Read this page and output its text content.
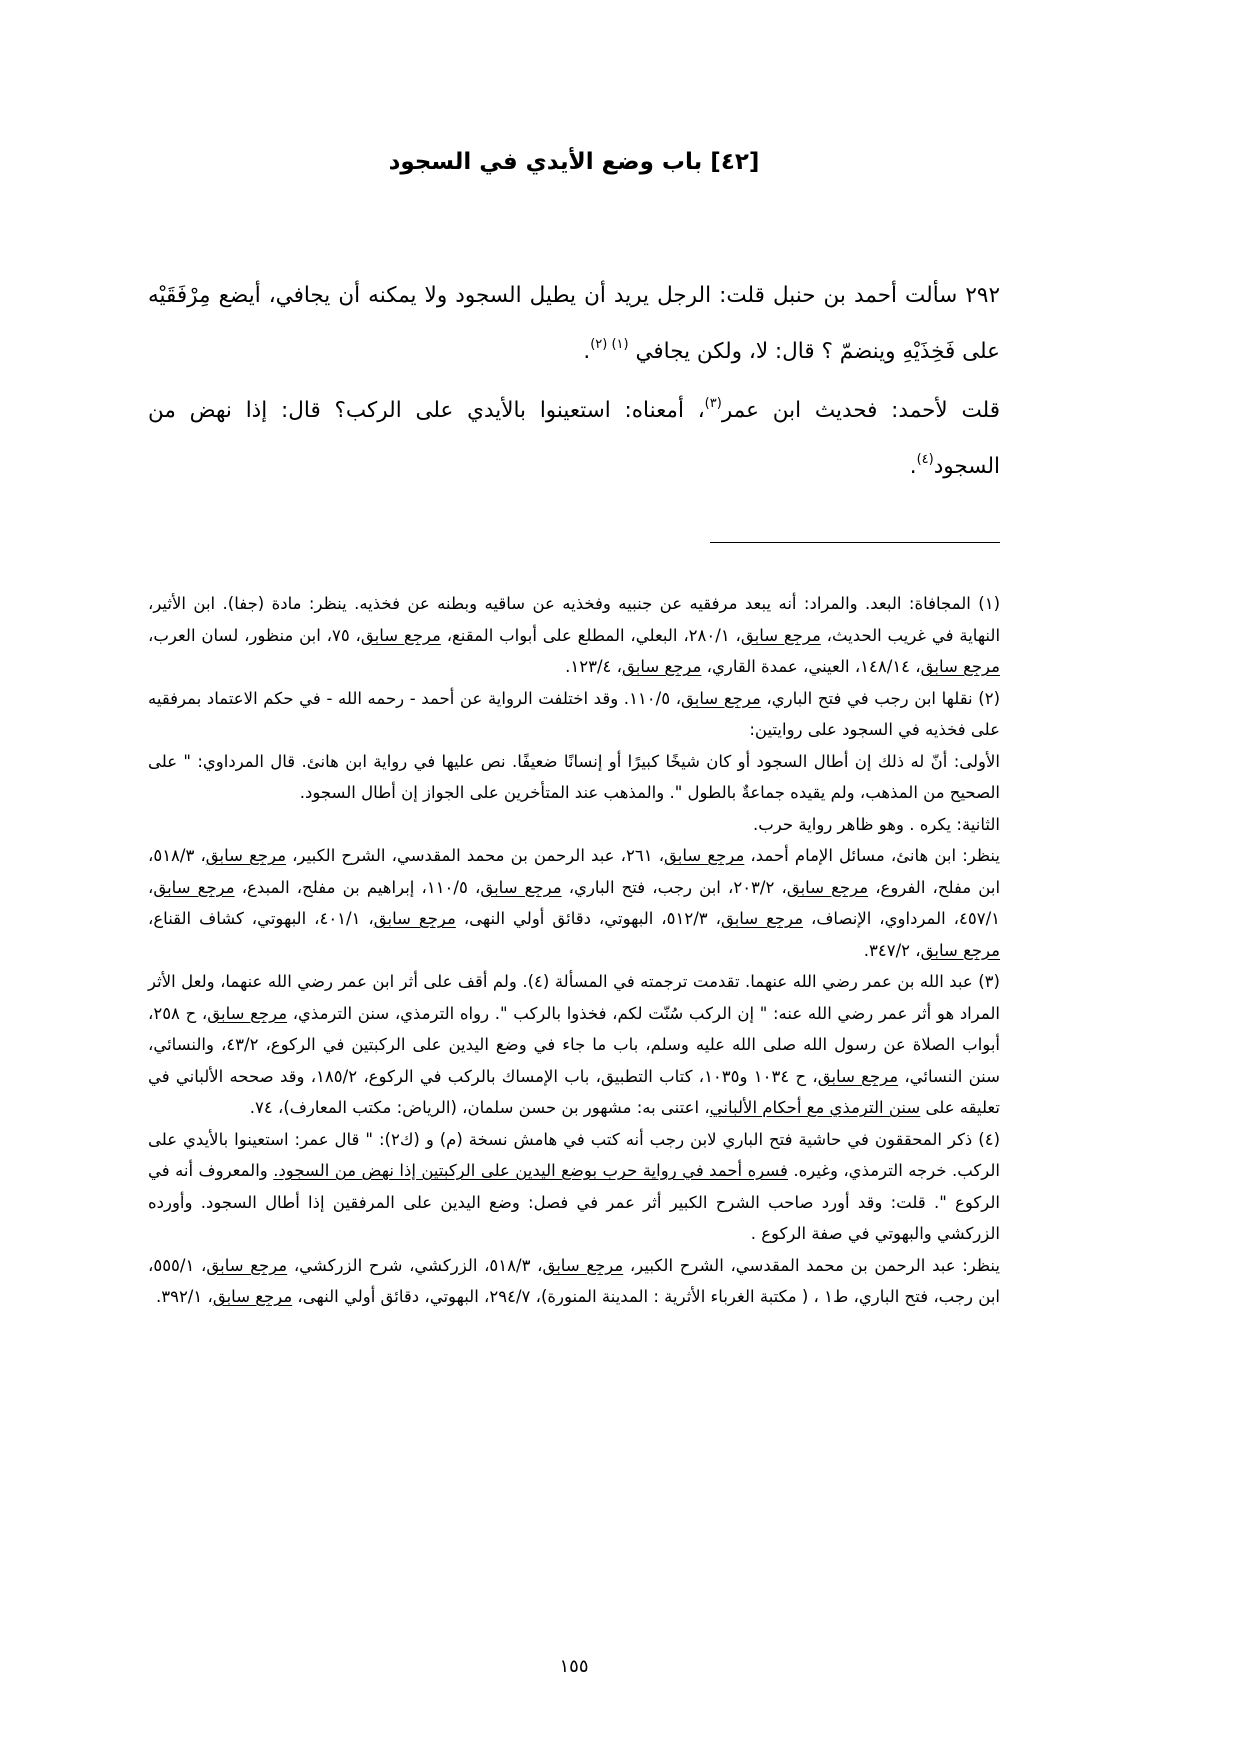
[٤٢] باب وضع الأيدي في السجود

٢٩٢ سألت أحمد بن حنبل قلت: الرجل يريد أن يطيل السجود ولا يمكنه أن يجافي، أيضع مِرْفَقَيْه على فَخِذَيْهِ وينضمّ ؟ قال: لا، ولكن يجافي $^{(١) (٢)}$.

قلت لأحمد: فحديث ابن عمر$^{(٣)}$، أمعناه: استعينوا بالأيدي على الركب؟ قال: إذا نهض من السجود$^{(٤)}$.

(١) المجافاة: البعد. والمراد: أنه يبعد مرفقيه عن جنبيه وفخذيه عن ساقيه وبطنه عن فخذيه. ينظر: مادة (جفا). ابن الأثير، النهاية في غريب الحديث، مرجع سابق، ٢٨٠/١، البعلي، المطلع على أبواب المقنع، مرجع سابق، ٧٥، ابن منظور، لسان العرب، مرجع سابق، ١٤٨/١٤، العيني، عمدة القاري، مرجع سابق، ١٢٣/٤.

(٢) نقلها ابن رجب في فتح الباري، مرجع سابق، ١١٠/٥. وقد اختلفت الرواية عن أحمد - رحمه الله - في حكم الاعتماد بمرفقيه على فخذيه في السجود على روايتين:

الأولى: أنّ له ذلك إن أطال السجود أو كان شيخًا كبيرًا أو إنسانًا ضعيفًا. نص عليها في رواية ابن هانئ. قال المرداوي: " على الصحيح من المذهب، ولم يقيده جماعةٌ بالطول ". والمذهب عند المتأخرين على الجواز إن أطال السجود.

الثانية: يكره . وهو ظاهر رواية حرب.

ينظر: ابن هانئ، مسائل الإمام أحمد، مرجع سابق، ٢٦١، عبد الرحمن بن محمد المقدسي، الشرح الكبير، مرجع سابق، ٥١٨/٣، ابن مفلح، الفروع، مرجع سابق، ٢٠٣/٢، ابن رجب، فتح الباري، مرجع سابق، ١١٠/٥، إبراهيم بن مفلح، المبدع، مرجع سابق، ٤٥٧/١، المرداوي، الإنصاف، مرجع سابق، ٥١٢/٣، البهوتي، دقائق أولي النهى، مرجع سابق، ٤٠١/١، البهوتي، كشاف القناع، مرجع سابق، ٣٤٧/٢.

(٣) عبد الله بن عمر رضي الله عنهما. تقدمت ترجمته في المسألة (٤). ولم أقف على أثر ابن عمر رضي الله عنهما، ولعل الأثر المراد هو أثر عمر رضي الله عنه: " إن الركب سُنّت لكم، فخذوا بالركب ". رواه الترمذي، سنن الترمذي، مرجع سابق، ح ٢٥٨، أبواب الصلاة عن رسول الله صلى الله عليه وسلم، باب ما جاء في وضع اليدين على الركبتين في الركوع، ٤٣/٢، والنسائي، سنن النسائي، مرجع سابق، ح ١٠٣٤ و١٠٣٥، كتاب التطبيق، باب الإمساك بالركب في الركوع، ١٨٥/٢، وقد صححه الألباني في تعليقه على سنن الترمذي مع أحكام الألباني، اعتنى به: مشهور بن حسن سلمان، (الرياض: مكتب المعارف)، ٧٤.

(٤) ذكر المحققون في حاشية فتح الباري لابن رجب أنه كتب في هامش نسخة (م) و (ك٢): " قال عمر: استعينوا بالأيدي على الركب. خرجه الترمذي، وغيره. فسره أحمد في رواية حرب بوضع اليدين على الركبتين إذا نهض من السجود. والمعروف أنه في الركوع ". قلت: وقد أورد صاحب الشرح الكبير أثر عمر في فصل: وضع اليدين على المرفقين إذا أطال السجود. وأورده الزركشي والبهوتي في صفة الركوع .

ينظر: عبد الرحمن بن محمد المقدسي، الشرح الكبير، مرجع سابق، ٥١٨/٣، الزركشي، شرح الزركشي، مرجع سابق، ٥٥٥/١، ابن رجب، فتح الباري، ط١ ، ( مكتبة الغرباء الأثرية : المدينة المنورة)، ٢٩٤/٧، البهوتي، دقائق أولي النهى، مرجع سابق، ٣٩٢/١.

١٥٥
